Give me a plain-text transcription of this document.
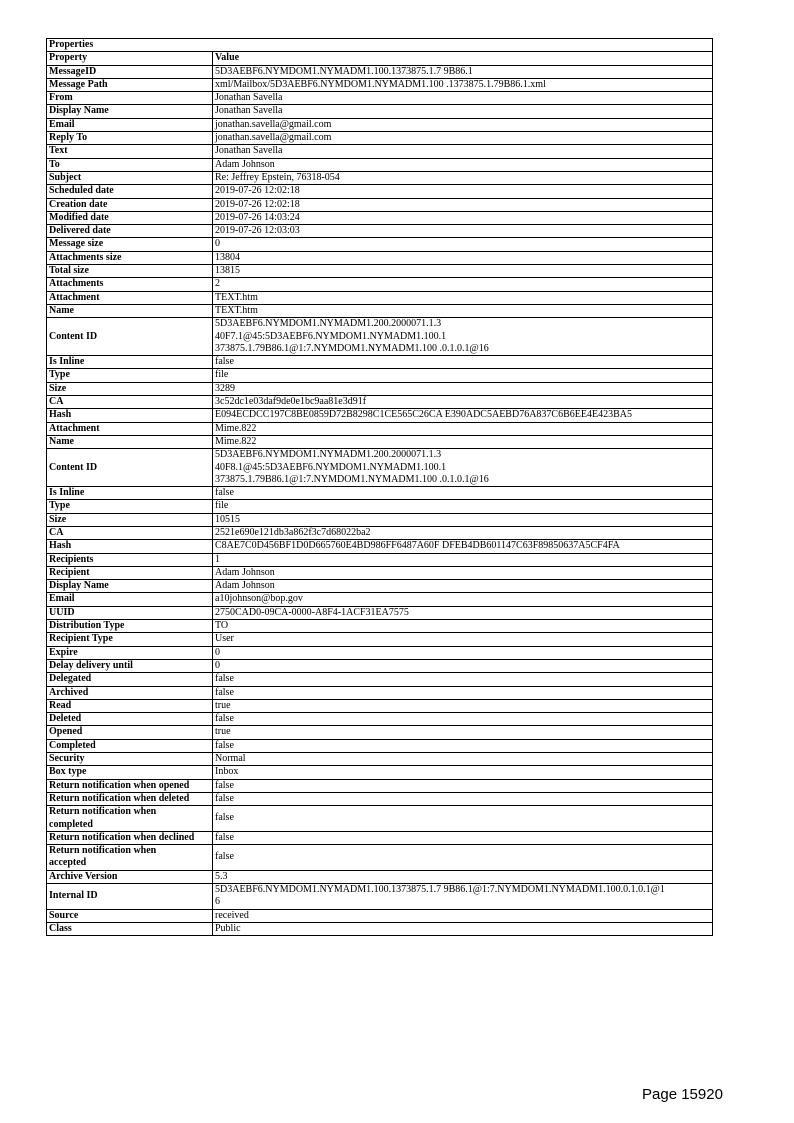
Properties	
Property	Value
MessageID	5D3AEBF6.NYMDOM1.NYMADM1.100.1373875.1.7 9B86.1
Message Path	xml/Mailbox/5D3AEBF6.NYMDOM1.NYMADM1.100 .1373875.1.79B86.1.xml
From	Jonathan Savella
Display Name	Jonathan Savella
Email	jonathan.savella@gmail.com
Reply To	jonathan.savella@gmail.com
Text	Jonathan Savella
To	Adam Johnson
Subject	Re: Jeffrey Epstein, 76318-054
Scheduled date	2019-07-26 12:02:18
Creation date	2019-07-26 12:02:18
Modified date	2019-07-26 14:03:24
Delivered date	2019-07-26 12:03:03
Message size	0
Attachments size	13804
Total size	13815
Attachments	2
Attachment	TEXT.htm
Name	TEXT.htm
Content ID	5D3AEBF6.NYMDOM1.NYMADM1.200.2000071.1.3
40F7.1@45:5D3AEBF6.NYMDOM1.NYMADM1.100.1
373875.1.79B86.1@1:7.NYMDOM1.NYMADM1.100 .0.1.0.1@16
Is Inline	false
Type	file
Size	3289
CA	3c52dc1e03daf9de0e1bc9aa81e3d91f
Hash	E094ECDCC197C8BE0859D72B8298C1CE565C26CA E390ADC5AEBD76A837C6B6EE4E423BA5
Attachment	Mime.822
Name	Mime.822
Content ID	5D3AEBF6.NYMDOM1.NYMADM1.200.2000071.1.3
40F8.1@45:5D3AEBF6.NYMDOM1.NYMADM1.100.1
373875.1.79B86.1@1:7.NYMDOM1.NYMADM1.100 .0.1.0.1@16
Is Inline	false
Type	file
Size	10515
CA	2521e690e121db3a862f3c7d68022ba2
Hash	C8AE7C0D456BF1D0D665760E4BD986FF6487A60F DFEB4DB601147C63F89850637A5CF4FA
Recipients	1
Recipient	Adam Johnson
Display Name	Adam Johnson
Email	a10johnson@bop.gov
UUID	2750CAD0-09CA-0000-A8F4-1ACF31EA7575
Distribution Type	TO
Recipient Type	User
Expire	0
Delay delivery until	0
Delegated	false
Archived	false
Read	true
Deleted	false
Opened	true
Completed	false
Security	Normal
Box type	Inbox
Return notification when opened	false
Return notification when deleted	false
Return notification when
completed	false
Return notification when declined	false
Return notification when
accepted	false
Archive Version	5.3
Internal ID	5D3AEBF6.NYMDOM1.NYMADM1.100.1373875.1.7 9B86.1@1:7.NYMDOM1.NYMADM1.100.0.1.0.1@1
6
Source	received
Class	Public
Page 15920
